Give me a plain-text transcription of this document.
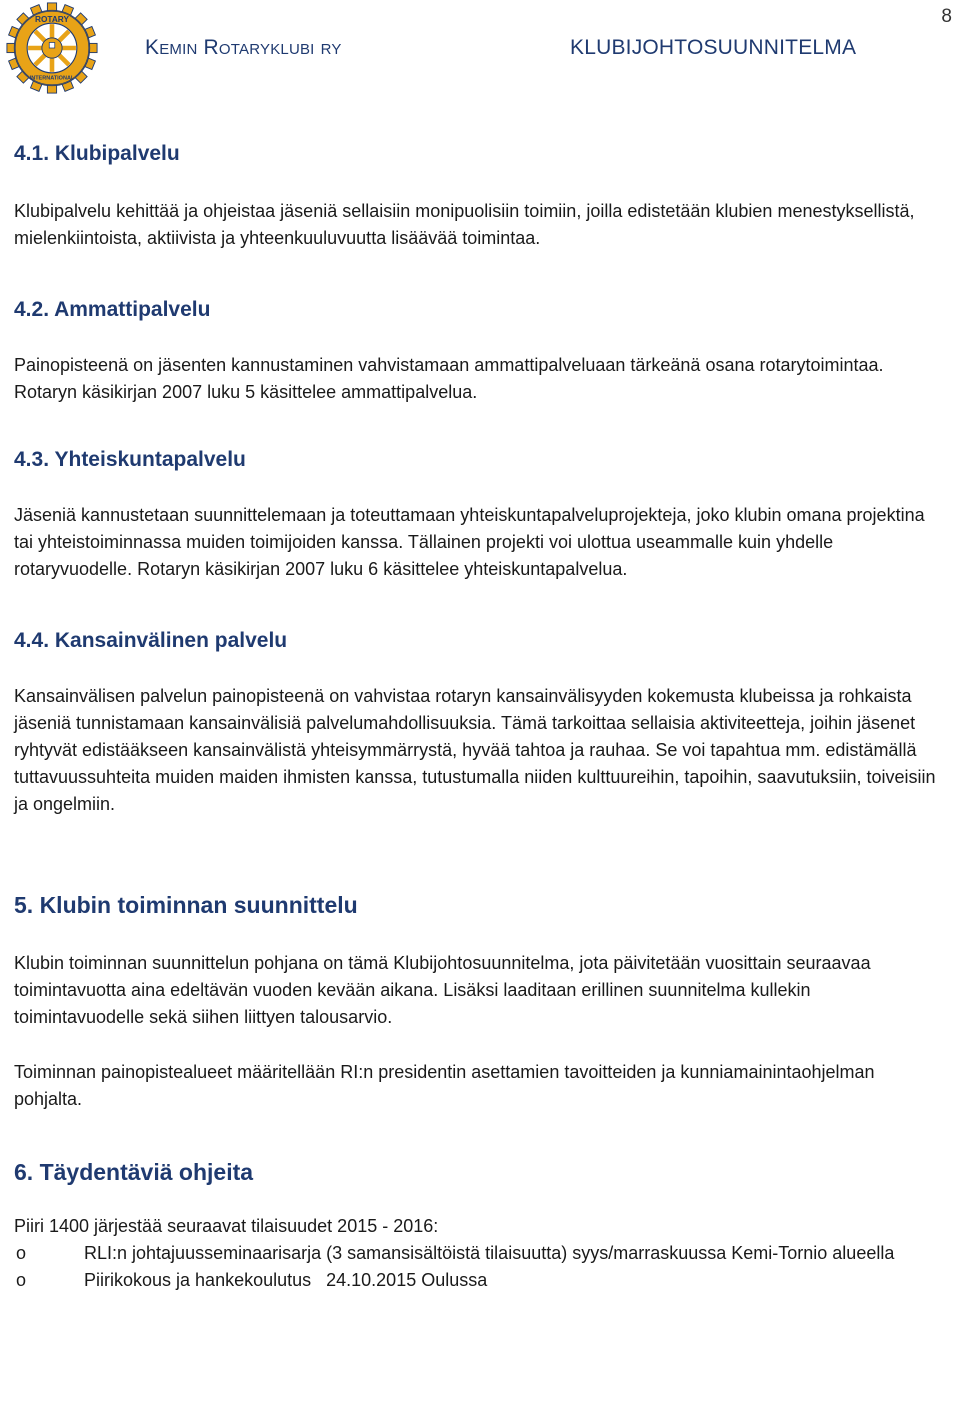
8
ROTARY
INTERNATIONAL
Kemin Rotaryklubi ry	KLUBIJOHTOSUUNNITELMA
4.1. Klubipalvelu

Klubipalvelu kehittää ja ohjeistaa jäseniä sellaisiin monipuolisiin toimiin, joilla edistetään klubien menestyksellistä, mielenkiintoista, aktiivista ja yhteenkuuluvuutta lisäävää toimintaa.

4.2. Ammattipalvelu

Painopisteenä on jäsenten kannustaminen vahvistamaan ammattipalveluaan tärkeänä osana rotarytoimintaa. Rotaryn käsikirjan 2007 luku 5 käsittelee ammattipalvelua.

4.3. Yhteiskuntapalvelu

Jäseniä kannustetaan suunnittelemaan ja toteuttamaan yhteiskuntapalveluprojekteja, joko klubin omana projektina tai yhteistoiminnassa muiden toimijoiden kanssa. Tällainen projekti voi ulottua useammalle kuin yhdelle rotaryvuodelle. Rotaryn käsikirjan 2007 luku 6 käsittelee yhteiskuntapalvelua.

4.4. Kansainvälinen palvelu

Kansainvälisen palvelun painopisteenä on vahvistaa rotaryn kansainvälisyyden kokemusta klubeissa ja rohkaista jäseniä tunnistamaan kansainvälisiä palvelumahdollisuuksia. Tämä tarkoittaa sellaisia aktiviteetteja, joihin jäsenet ryhtyvät edistääkseen kansainvälistä yhteisymmärrystä, hyvää tahtoa ja rauhaa. Se voi tapahtua mm. edistämällä tuttavuussuhteita muiden maiden ihmisten kanssa, tutustumalla niiden kulttuureihin, tapoihin, saavutuksiin, toiveisiin ja ongelmiin.

5. Klubin toiminnan suunnittelu

Klubin toiminnan suunnittelun pohjana on tämä Klubijohtosuunnitelma, jota päivitetään vuosittain seuraavaa toimintavuotta aina edeltävän vuoden kevään aikana. Lisäksi laaditaan erillinen suunnitelma kullekin toimintavuodelle sekä siihen liittyen talousarvio.

Toiminnan painopistealueet määritellään RI:n presidentin asettamien tavoitteiden ja kunniamainintaohjelman pohjalta.

6. Täydentäviä ohjeita

Piiri 1400 järjestää seuraavat tilaisuudet 2015 - 2016:

o	RLI:n johtajuusseminaarisarja (3 samansisältöistä tilaisuutta) syys/marraskuussa Kemi-Tornio alueella
o	Piirikokous ja hankekoulutus   24.10.2015 Oulussa
